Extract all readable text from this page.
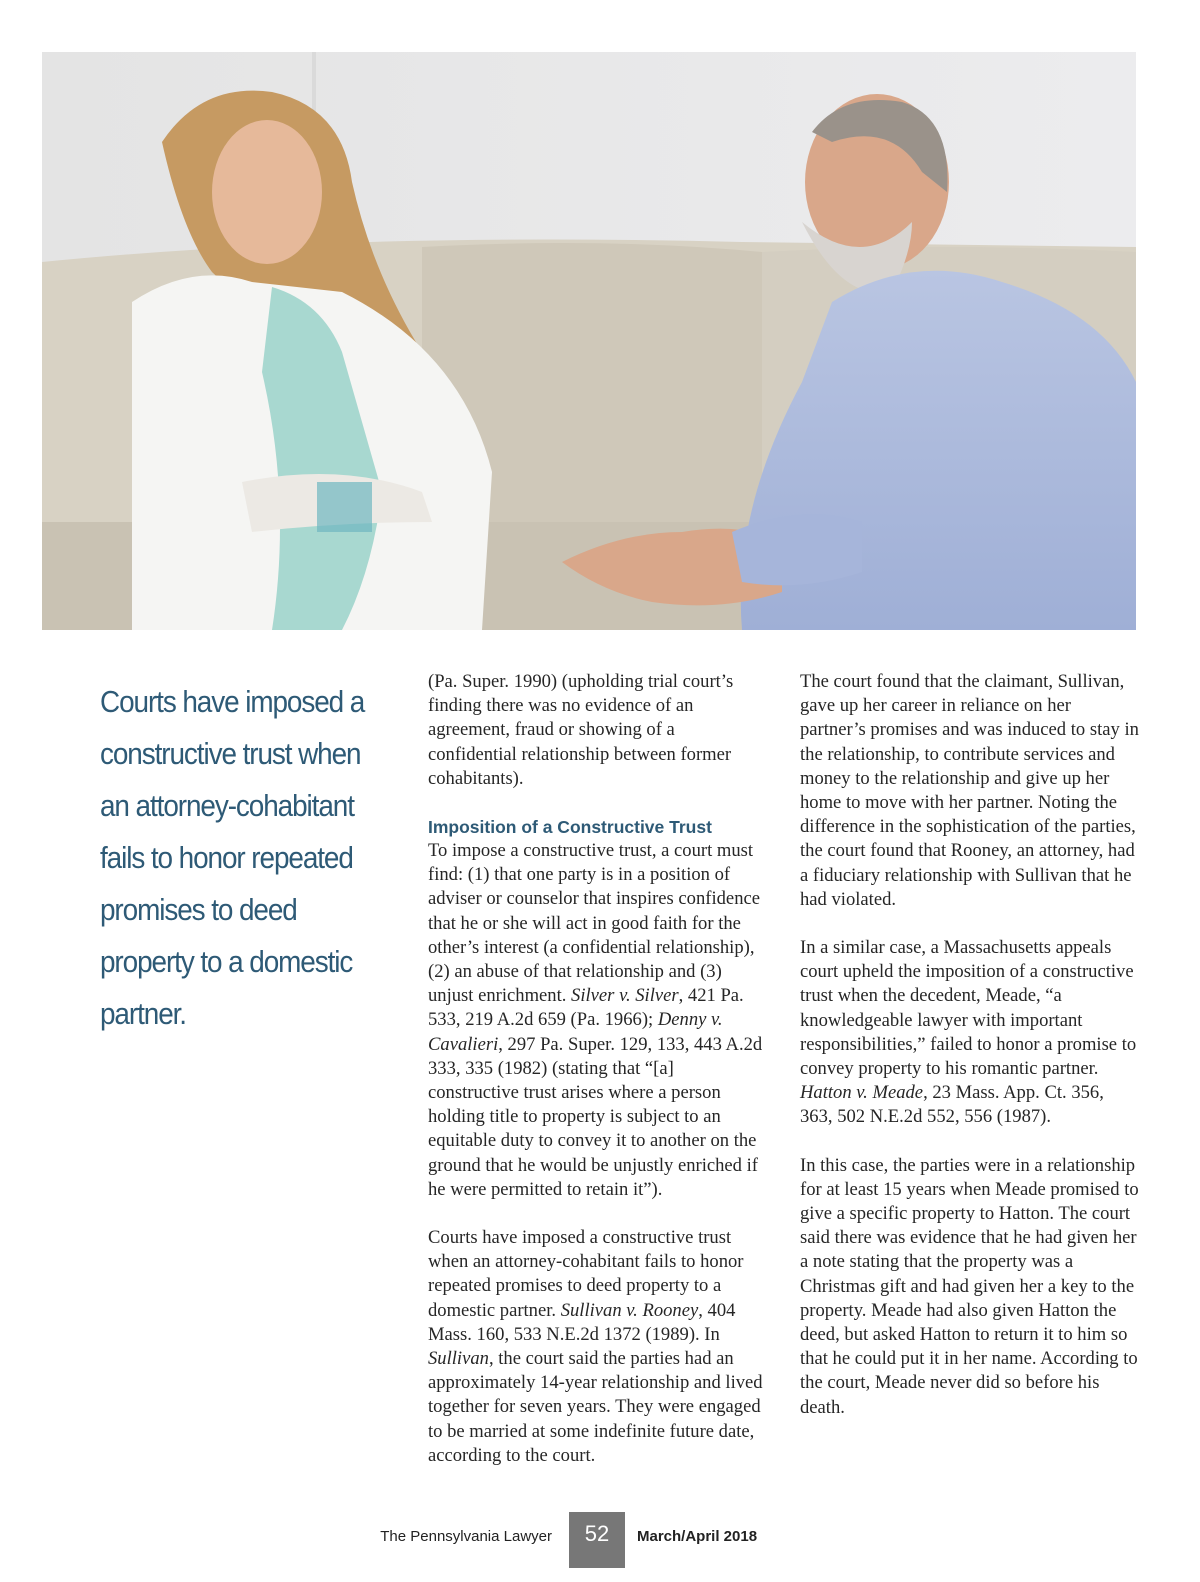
Courts have imposed a constructive trust when an attorney-cohabitant fails to honor repeated promises to deed property to a domestic partner.

(Pa. Super. 1990) (upholding trial court’s finding there was no evidence of an agreement, fraud or showing of a confidential relationship between former cohabitants).

Imposition of a Constructive Trust

To impose a constructive trust, a court must find: (1) that one party is in a position of adviser or counselor that inspires confidence that he or she will act in good faith for the other’s interest (a confidential relationship), (2) an abuse of that relationship and (3) unjust enrichment. Silver v. Silver, 421 Pa. 533, 219 A.2d 659 (Pa. 1966); Denny v. Cavalieri, 297 Pa. Super. 129, 133, 443 A.2d 333, 335 (1982) (stating that “[a] constructive trust arises where a person holding title to property is subject to an equitable duty to convey it to another on the ground that he would be unjustly enriched if he were permitted to retain it”).

Courts have imposed a constructive trust when an attorney-cohabitant fails to honor repeated promises to deed property to a domestic partner. Sullivan v. Rooney, 404 Mass. 160, 533 N.E.2d 1372 (1989). In Sullivan, the court said the parties had an approximately 14-year relationship and lived together for seven years. They were engaged to be married at some indefinite future date, according to the court.

The court found that the claimant, Sullivan, gave up her career in reliance on her partner’s promises and was induced to stay in the relationship, to contribute services and money to the relationship and give up her home to move with her partner. Noting the difference in the sophistication of the parties, the court found that Rooney, an attorney, had a fiduciary relationship with Sullivan that he had violated.

In a similar case, a Massachusetts appeals court upheld the imposition of a constructive trust when the decedent, Meade, “a knowledgeable lawyer with important responsibilities,” failed to honor a promise to convey property to his romantic partner. Hatton v. Meade, 23 Mass. App. Ct. 356, 363, 502 N.E.2d 552, 556 (1987).

In this case, the parties were in a relationship for at least 15 years when Meade promised to give a specific property to Hatton. The court said there was evidence that he had given her a note stating that the property was a Christmas gift and had given her a key to the property. Meade had also given Hatton the deed, but asked Hatton to return it to him so that he could put it in her name. According to the court, Meade never did so before his death.

The Pennsylvania Lawyer	52	March/April 2018
